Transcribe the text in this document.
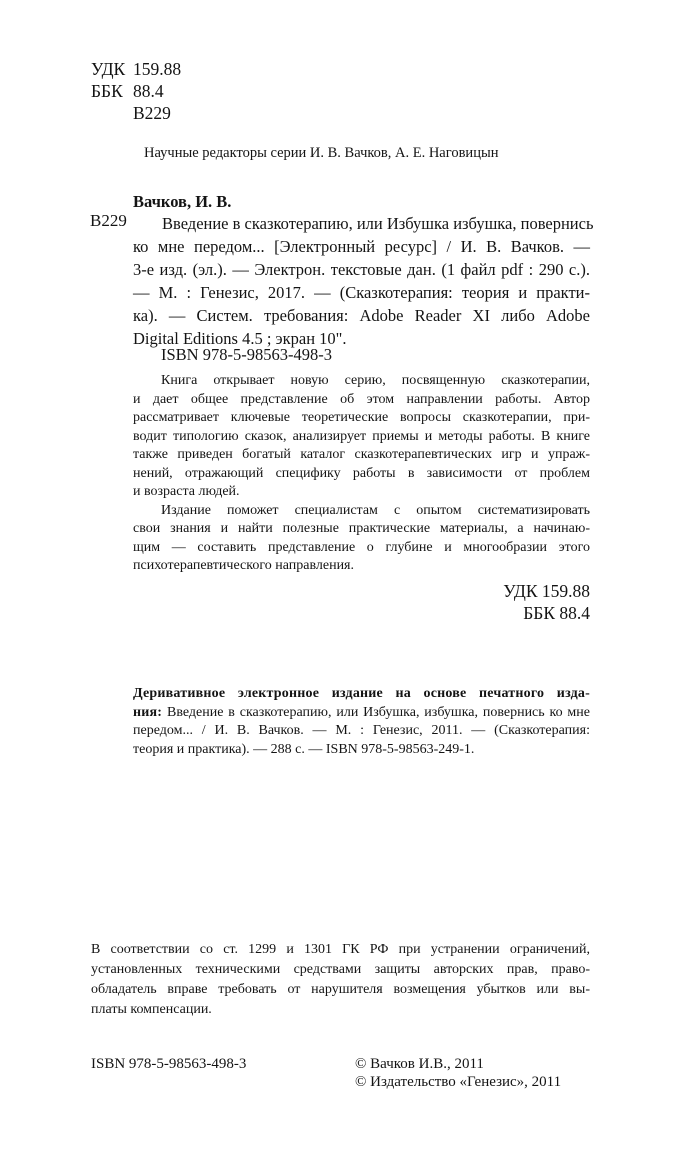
УДК 159.88
ББК 88.4
В229
Научные редакторы серии И. В. Вачков, А. Е. Наговицын
Вачков, И. В.
В229	Введение в сказкотерапию, или Избушка избушка, повернись
ко мне передом... [Электронный ресурс] / И. В. Вачков. —
3-е изд. (эл.). — Электрон. текстовые дан. (1 файл pdf : 290 с.).
— М. : Генезис, 2017. — (Сказкотерапия: теория и практи-
ка). — Систем. требования: Adobe Reader XI либо Adobe
Digital Editions 4.5 ; экран 10".
ISBN 978-5-98563-498-3
Книга открывает новую серию, посвященную сказкотерапии,
и дает общее представление об этом направлении работы. Автор
рассматривает ключевые теоретические вопросы сказкотерапии, при-
водит типологию сказок, анализирует приемы и методы работы. В книге
также приведен богатый каталог сказкотерапевтических игр и упраж-
нений, отражающий специфику работы в зависимости от проблем
и возраста людей.
Издание поможет специалистам с опытом систематизировать
свои знания и найти полезные практические материалы, а начинаю-
щим — составить представление о глубине и многообразии этого
психотерапевтического направления.
УДК 159.88
ББК 88.4
Деривативное электронное издание на основе печатного изда-
ния: Введение в сказкотерапию, или Избушка, избушка, повернись ко мне
передом... / И. В. Вачков. — М. : Генезис, 2011. — (Сказкотерапия:
теория и практика). — 288 с. — ISBN 978-5-98563-249-1.
В соответствии со ст. 1299 и 1301 ГК РФ при устранении ограничений,
установленных техническими средствами защиты авторских прав, право-
обладатель вправе требовать от нарушителя возмещения убытков или вы-
платы компенсации.
ISBN 978-5-98563-498-3	© Вачков И.В., 2011
© Издательство «Генезис», 2011
